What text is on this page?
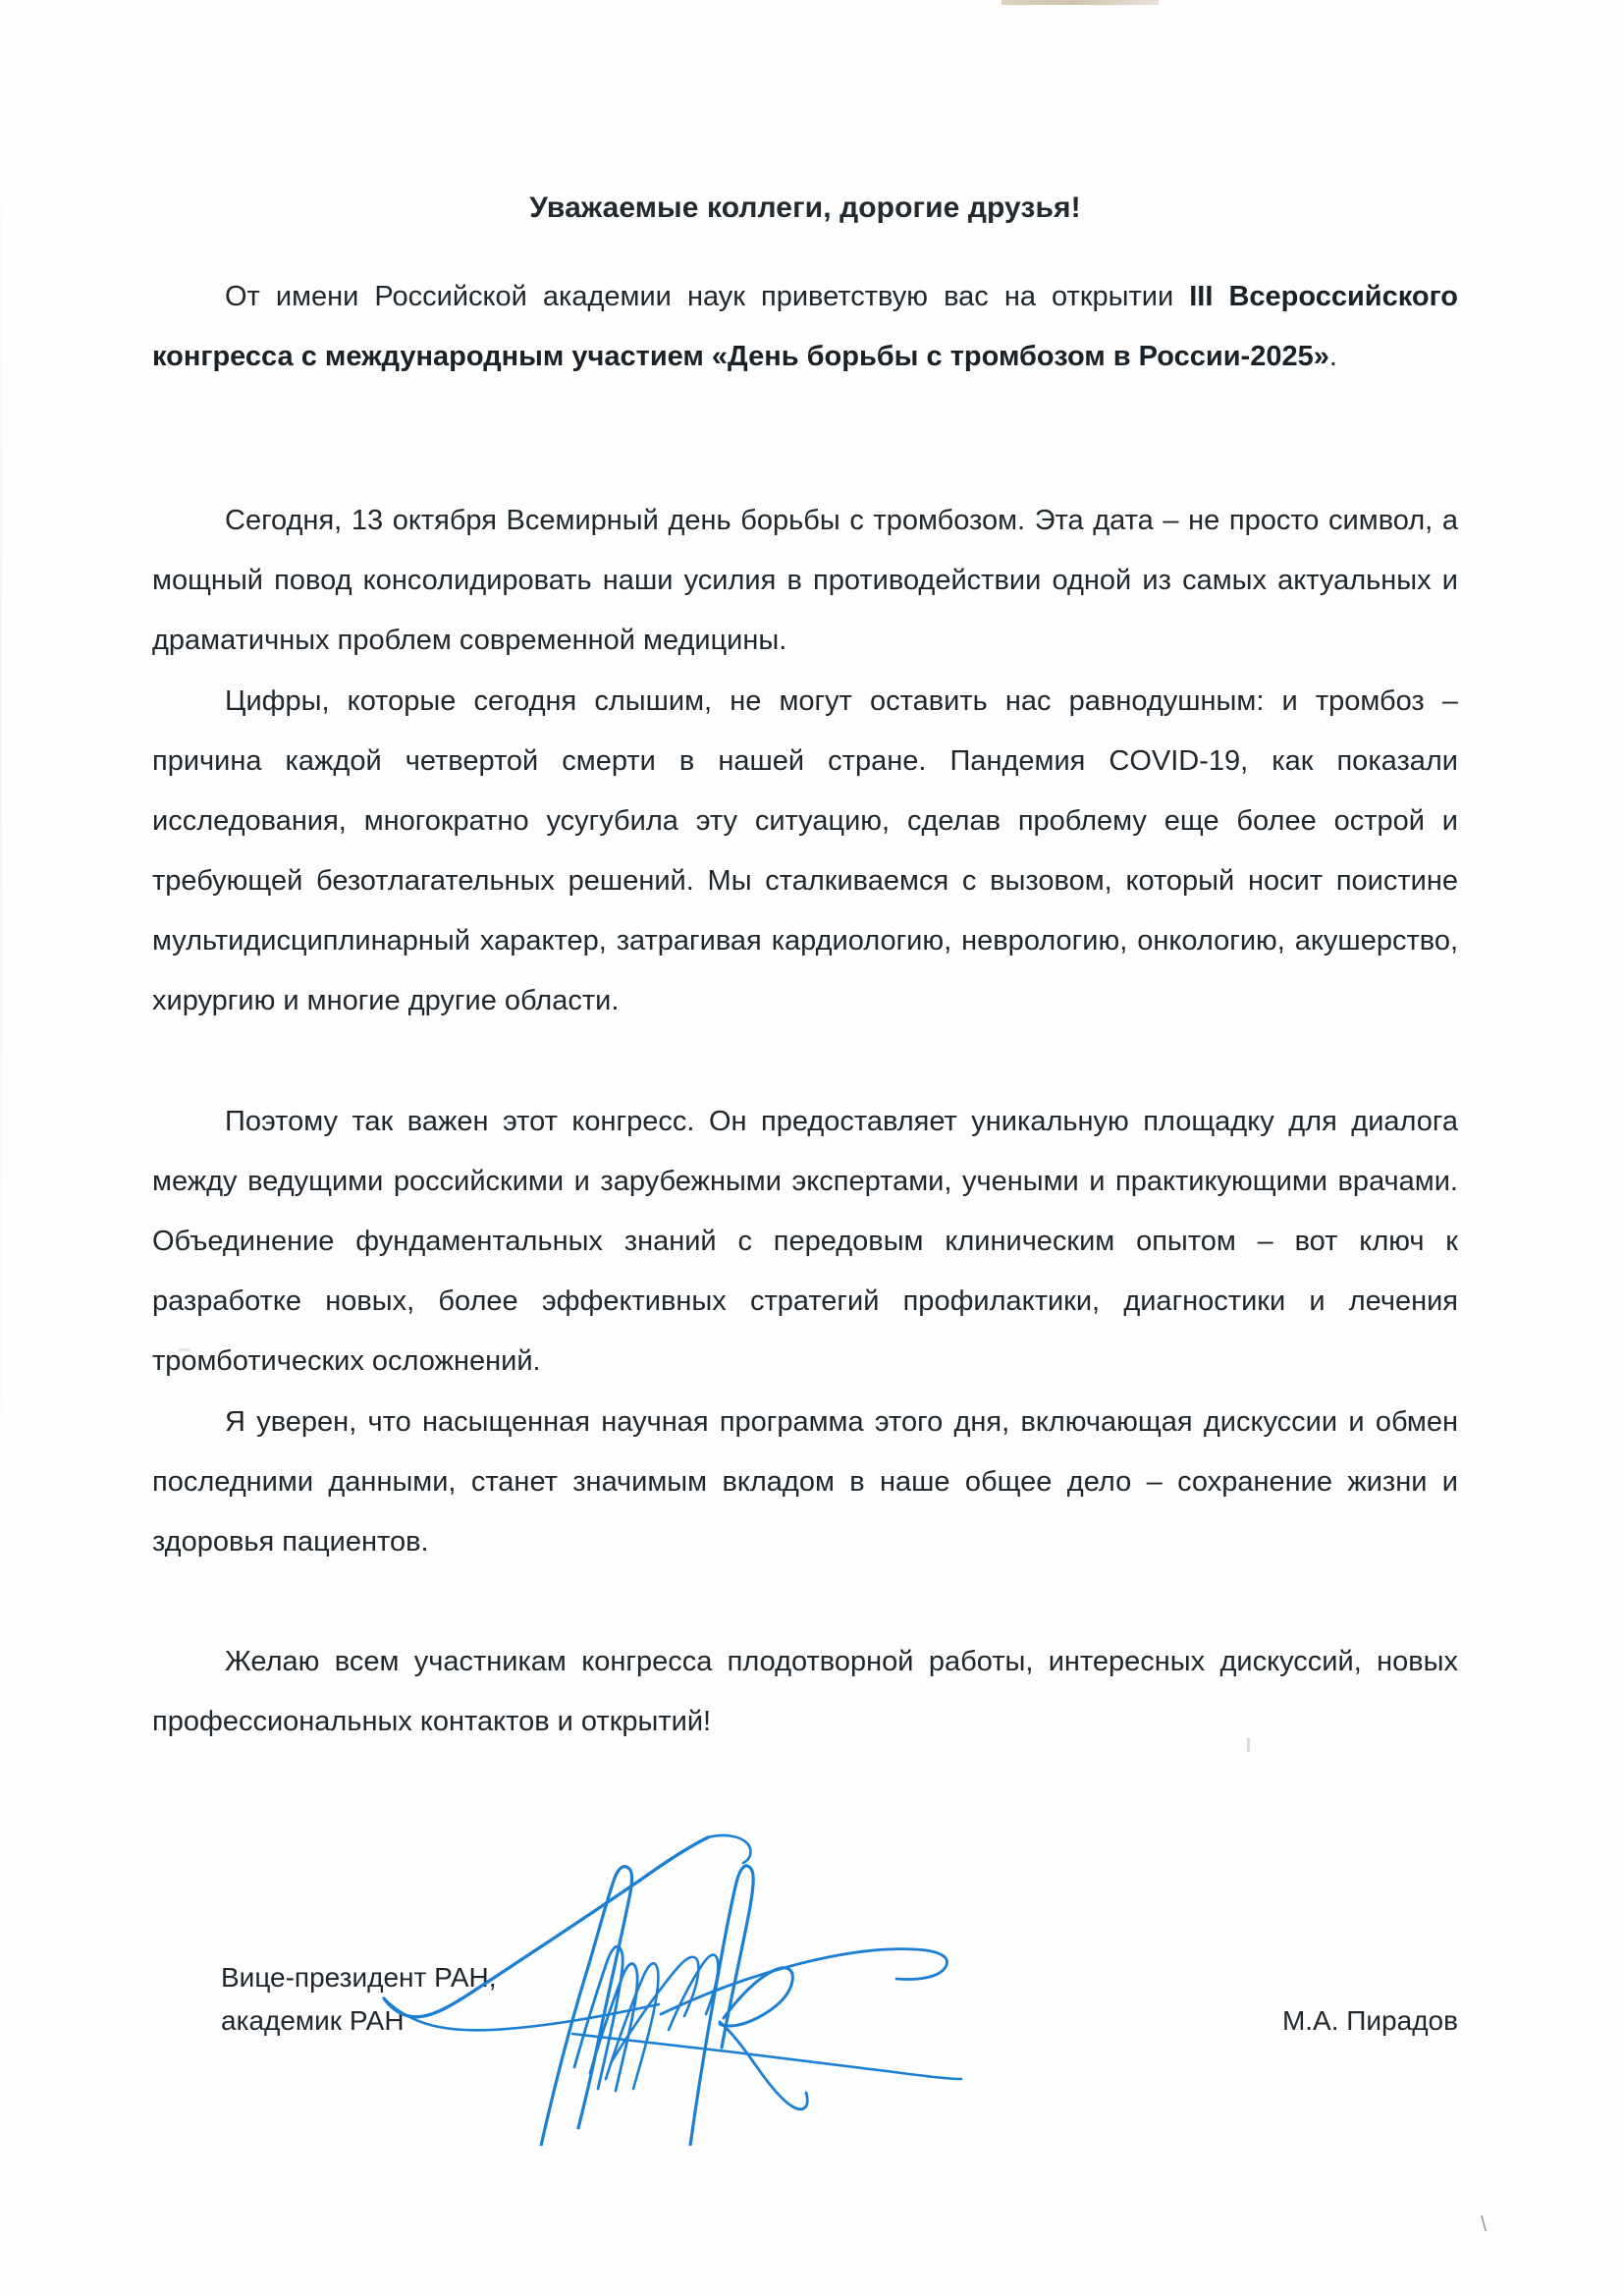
Уважаемые коллеги, дорогие друзья!

От имени Российской академии наук приветствую вас на открытии III Всероссийского конгресса с международным участием «День борьбы с тромбозом в России-2025».

Сегодня, 13 октября Всемирный день борьбы с тромбозом. Эта дата – не просто символ, а мощный повод консолидировать наши усилия в противодействии одной из самых актуальных и драматичных проблем современной медицины.

Цифры, которые сегодня слышим, не могут оставить нас равнодушным: и тромбоз – причина каждой четвертой смерти в нашей стране. Пандемия COVID-19, как показали исследования, многократно усугубила эту ситуацию, сделав проблему еще более острой и требующей безотлагательных решений. Мы сталкиваемся с вызовом, который носит поистине мультидисциплинарный характер, затрагивая кардиологию, неврологию, онкологию, акушерство, хирургию и многие другие области.

Поэтому так важен этот конгресс. Он предоставляет уникальную площадку для диалога между ведущими российскими и зарубежными экспертами, учеными и практикующими врачами. Объединение фундаментальных знаний с передовым клиническим опытом – вот ключ к разработке новых, более эффективных стратегий профилактики, диагностики и лечения тромботических осложнений.

Я уверен, что насыщенная научная программа этого дня, включающая дискуссии и обмен последними данными, станет значимым вкладом в наше общее дело – сохранение жизни и здоровья пациентов.

Желаю всем участникам конгресса плодотворной работы, интересных дискуссий, новых профессиональных контактов и открытий!

Вице-президент РАН,
академик РАН	М.А. Пирадов
\
